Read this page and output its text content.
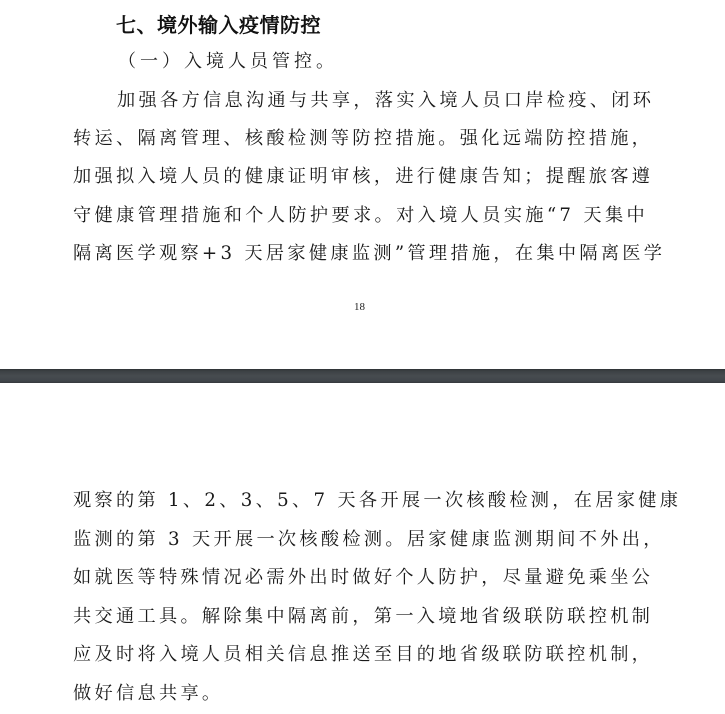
七、境外输入疫情防控
（一）入境人员管控。
加强各方信息沟通与共享，落实入境人员口岸检疫、闭环
转运、隔离管理、核酸检测等防控措施。强化远端防控措施，
加强拟入境人员的健康证明审核，进行健康告知；提醒旅客遵
守健康管理措施和个人防护要求。对入境人员实施“7 天集中
隔离医学观察+3 天居家健康监测”管理措施，在集中隔离医学
18
观察的第 1、2、3、5、7 天各开展一次核酸检测，在居家健康
监测的第 3 天开展一次核酸检测。居家健康监测期间不外出，
如就医等特殊情况必需外出时做好个人防护，尽量避免乘坐公
共交通工具。解除集中隔离前，第一入境地省级联防联控机制
应及时将入境人员相关信息推送至目的地省级联防联控机制，
做好信息共享。
